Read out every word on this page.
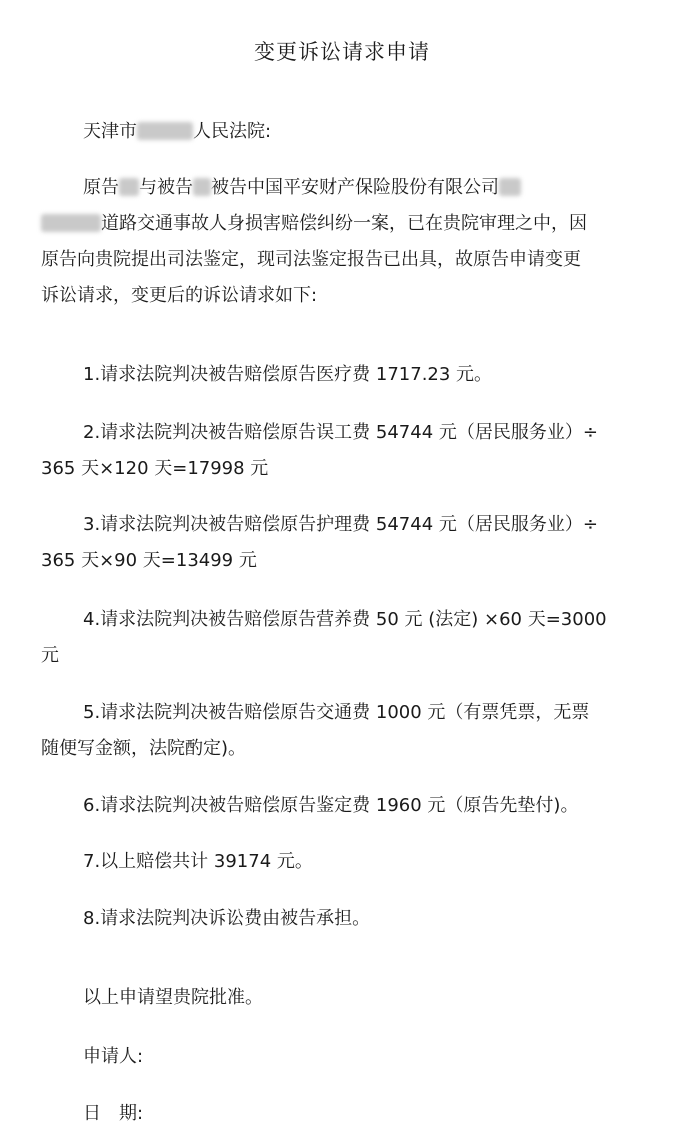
变更诉讼请求申请
天津市	人民法院:
原告 与被告 被告中国平安财产保险股份有限公司
道路交通事故人身损害赔偿纠纷一案，已在贵院审理之中，因
原告向贵院提出司法鉴定，现司法鉴定报告已出具，故原告申请变更
诉讼请求，变更后的诉讼请求如下:
1.请求法院判决被告赔偿原告医疗费 1717.23 元。
2.请求法院判决被告赔偿原告误工费 54744 元（居民服务业）÷
365 天×120 天=17998 元
3.请求法院判决被告赔偿原告护理费 54744 元（居民服务业）÷
365 天×90 天=13499 元
4.请求法院判决被告赔偿原告营养费 50 元 (法定) ×60 天=3000
元
5.请求法院判决被告赔偿原告交通费 1000 元（有票凭票，无票
随便写金额，法院酌定)。
6.请求法院判决被告赔偿原告鉴定费 1960 元（原告先垫付)。
7.以上赔偿共计 39174 元。
8.请求法院判决诉讼费由被告承担。
以上申请望贵院批准。
申请人:
日　期:
